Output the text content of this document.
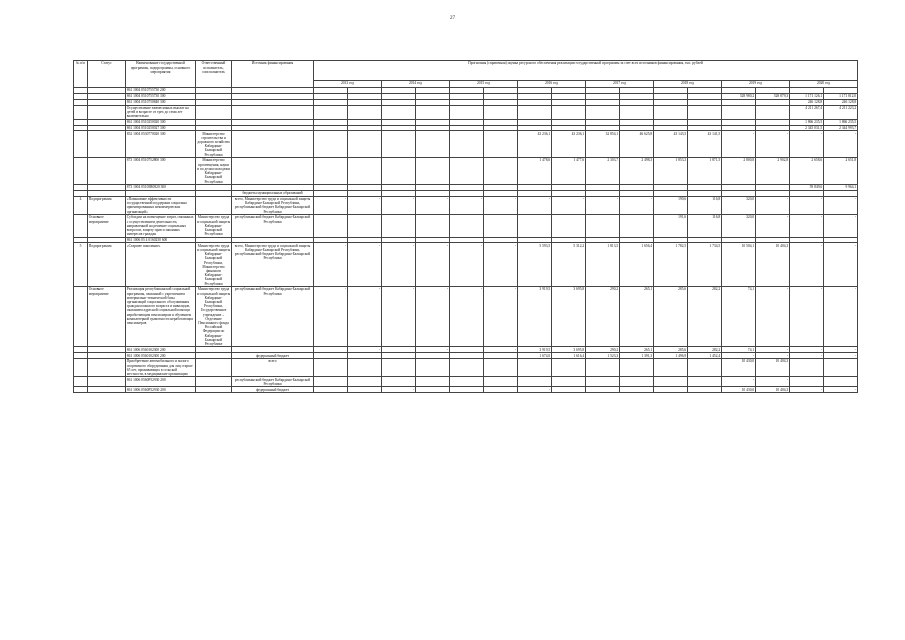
27
№ п/п	Статус	Наименование государственной программы, подпрограммы, основного мероприятия	Ответственный исполнитель, соисполнитель	Источник финансирования	Прогнозная (справочная) оценка ресурсного обеспечения реализации государственной программы за счет всех источников финансирования, тыс. рублей															
					2013 год		2014 год		2015 год		2016 год		2017 год		2018 год		2019 год		2020 год	
		861 1004 0510755730 200																		
		861 1004 0510755730 300															528 980,2	528 879,3	1 171 126,1	1 171 812,0
		861 1004 0510750840 300																	246 128,8	246 128,8
		Осуществление ежемесячных выплат на детей в возрасте от трех до семи лет включительно																	4 211 267,4	4 211 223,2
		861 1004 0510250020 300																	1 866 235,5	1 866 235,5
		861 1004 0510250027 300																	2 345 031,5	2 344 993,7
		852 1004 0530770020 300	Министерство строительства и дорожного хозяйства Кабардино-Балкарской Республики								43 236,1	43 236,1	32 854,1	46 625,8	43 143,5	43 141,5	-	-	-	-
		873 1004 0510752800 300	Министерство просвещения, науки и по делам молодежи Кабардино-Балкарской Республики								1 478,6	1 477,6	2 303,7	2 498,3	1 853,3	1 871,5	2 800,8	2 902,8	2 658,6	2 651,8
		873 1004 05105R0820 300																	59 849,6	9 964,1
				бюджеты муниципальных образований																
4	Подпрограмма	«Повышение эффективности государственной поддержки социально ориентированных некоммерческих организаций»		всего, Министерство труда и социальной защиты Кабардино-Балкарской Республики, республиканский бюджет Кабардино-Балкарской Республики	-	-	-	-	-	-	-	-	-	-	190,6	116,8	320,0	-	-	-
	Основное мероприятие	Субсидии на возмещение затрат, связанных с осуществлением деятельности, направленной на решение социальных вопросов, защиту прав и законных интересов граждан	Министерство труда и социальной защиты Кабардино-Балкарской Республики	республиканский бюджет Кабардино-Балкарской Республики											191,6	116,8	320,0	-	-	-
		861 1006 05 4 0160250 600																		
5	Подпрограмма	«Старшее поколение»	Министерство труда и социальной защиты Кабардино-Балкарской Республики, Министерство финансов Кабардино-Балкарской Республики	всего, Министерство труда и социальной защиты Кабардино-Балкарской Республики, республиканский бюджет Кабардино-Балкарской Республики	-	-	-	-	-	-	5 593,5	5 312,2	1 813,5	1 656,4	1 782,5	1 734,5	10 504,1	10 404,3	-	-
	Основное мероприятие	Реализация республиканской социальной программы, связанной с укреплением материально-технической базы организаций социального обслуживания граждан пожилого возраста и инвалидов, оказанием адресной социальной помощи неработающим пенсионерам и обучением компьютерной грамотности неработающих пенсионеров	Министерство труда и социальной защиты Кабардино-Балкарской Республики, Государственное учреждение – Отделение Пенсионного фонда Российской Федерации по Кабардино-Балкарской Республике	республиканский бюджет Кабардино-Балкарской Республики	-	-	-	-	-	-	3 919,5	3 695,8	290,2	265,1	285,6	282,2	74,1	-	-	-
		861 1006 0560102300 200				-		-		-	3 919,5	3 695,8	290,2	265,1	285,6	282,2	74,1	-	-	-
		861 1006 0560102300 200		федеральный бюджет							1 674,0	1 616,4	1 523,3	1 391,3	1 496,9	1 452,4	-	-	-	-
		Приобретение автомобильного и малого спортивного оборудования для лиц старше 65 лет, проживающих в сельской местности, в медицинские организации		всего													10 430,0	10 404,3		
		861 1006 0560P52930 200		республиканский бюджет Кабардино-Балкарской Республики													-	-		
		861 1006 0560P52930 200		федеральный бюджет			-				-						10 430,0	10 404,3	-	-
